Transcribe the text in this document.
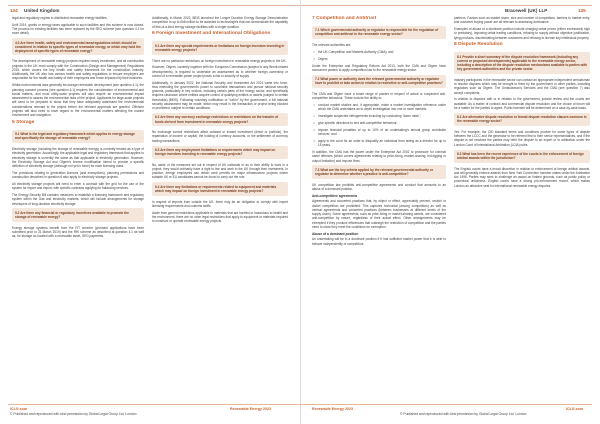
134 United Kingdom	Bracewell (UK) LLP	135

legal and regulatory regime in distributed renewable energy facilities.

Until 2019, grants or energy taxes applicable to such facilities and this scheme is now closed. The process for existing facilities has been replaced by the SEG scheme (see question 4.1 for more detail).

4.3 Are there health, safety and environmental laws/regulations which should be considered in relation to specific types of renewable energy, or which may hold the deployment of specific types of renewable energy?

The development of renewable energy projects requires heavy investment, and all construction projects in the UK must comply with the Construction (Design and Management) Regulations 2015, which covers the key health and safety framework for the construction industry. Additionally, the UK also has various health and safety regulations to ensure employers are responsible for the health and safety of their employees and those impacted by their business.

Whilst environmental laws generally encourage renewable development (see question 4.1), the planning consent process (see question 6.1) requires the consideration of environmental and social matters, and most utility-scale projects will also require an environmental impact assessment to assess the environmental risks of the project. Applicants for large-scale projects will need to be prepared to show that they have adequately addressed the environmental considerations relevant to the project before the relevant approvals are granted. Offshore projects will also need to have regard to the environmental matters affecting the marine environment and navigation.

5 Storage
5.1 What is the legal and regulatory framework which applies to energy storage and specifically the storage of renewable energy?

Electricity storage (including the storage of renewable energy) is currently treated as a type of electricity generation. Accordingly, the applicable legal and regulatory framework that applies to electricity storage is currently the same as that applicable to electricity generation. However, the Electricity Storage Act and Ofgem's licence modification intend to provide a specific definition of electricity storage (although not yet in force) for each licensing class.

The provisions relating to generation licences (and exemptions), planning permissions and construction described in question 6 also apply to electricity storage projects.

All electricity storage projects will need to enter a contract with the grid for the use of the system for import and export, with specific contracts applying for balancing services.

The Energy Security Bill contains measures to establish a licensing framework and regulatory system within the Gas and electricity markets, which will include arrangements for storage developers of long-duration electricity storage.

5.2 Are there any financial or regulatory incentives available to promote the storage of renewable energy?

Energy storage systems benefit from the FIT scheme (provided applications have been submitted prior to 31 March 2019) and the RHI scheme as described at question 4.1 as well as, for storage co-located with a renewable asset, SEG payments.

Additionally, in March 2022, BEIS launched the Longer Duration Energy Storage Demonstration competition to up to £68 million to be awarded to technologies that can demonstrate the capability of first-of-a-kind energy storage facilities with a longer duration.

6 Foreign Investment and International Obligations
6.1 Are there any special requirements or limitations on foreign investors investing in renewable energy projects?

There are no particular restrictions on foreign investment in renewable energy projects in the UK.

However, Ofgem, currently together with the European Commission (subject to any Brexit-related developments), is required to undertake an assessment as to whether foreign ownership or control of a renewable power project poses a risk to security of supply.

Additionally, in January 2022, the National Security and Investment Act 2021 came into force, thus extending the government's power to scrutinise transactions and pursue national security grounds, particularly in key sectors, including certain parts of the energy sector, and specifically requires clearance where entities acquire control of qualifying entities or assets (subject to certain thresholds) (BEIS). Following voluntary notification or "call-in" by the government, a full national security assessment may be made, which may result in the transaction or project being blocked or prohibited, subject to certain conditions.

6.2 Are there any currency exchange restrictions or restrictions on the transfer of funds derived from investment in renewable energy projects?

No exchange control restrictions affect outward or inward investment (direct or portfolio), the repatriation of income or capital, the holding of currency accounts, or the settlement of currency trading transactions.

6.3 Are there any employment limitations or requirements which may impact on foreign investors investing in renewable energy projects?

No, aside of the measures set out in respect of UK nationals or as to their ability to work in a project, they would ordinarily have a right to live and work in the UK through their investment. In practice, foreign employees can obtain work permits for major infrastructure projects where suitable UK or EU candidates cannot be found to carry out the role.

6.4 Are there any limitations or requirements related to equipment and materials which may impact on foreign investment in renewable energy projects?

In respect of imports from outside the UK, there may be an obligation to comply with import licensing requirements and customs tariffs.

Aside from general restrictions applicable to materials that are harmful or hazardous to health and the environment, there are no other legal restrictions that apply to equipment or materials required to construct or operate renewable energy projects.

7 Competition and Antitrust
7.1 Which governmental authority or regulator is responsible for the regulation of competition and antitrust in the renewable energy sector?

The relevant authorities are:

• the UK Competition and Markets Authority (CMA); and

• Ofgem.

Under the Enterprise and Regulatory Reform Act 2013, both the CMA and Ofgem have concurrent powers to apply competition law to the renewable energy sector.

7.2 What power or authority does the relevant governmental authority or regulator have to prohibit or take action in relation to restrictive or anti-competitive practices?

The CMA and Ofgem have a broad range of powers in respect of actual or suspected anti-competitive behaviour. These include the ability to:

• conduct market studies and, if appropriate, make a market investigation reference under which the CMA undertakes an in-depth investigation into one or more markets;

• investigate suspected infringements including by conducting "dawn raids";

• give specific directions to end anti-competitive behaviour;

• impose financial penalties of up to 10% of an undertaking's annual group worldwide turnover; and

• apply to the court for an order to disqualify an individual from acting as a director for up to 15 years.

In addition, the CMA has the power under the Enterprise Act 2002 to prosecute for criminal cartel offences (which covers agreements relating to price-fixing, market-sharing, bid-rigging or output limitation) and impose fines.

7.3 What are the key criteria applied by the relevant governmental authority or regulator to determine whether a practice is anti-competitive?

UK competition law prohibits anti-competitive agreements and conduct that amounts to an abuse of a dominant position.

Anti-competitive agreements

Agreements and concerted practices that, by object or effect, appreciably prevent, restrict or distort competition are prohibited. This captures horizontal (among competitors) as well as vertical agreements and concerted practices (between businesses at different levels of the supply chain). Some agreements, such as price-fixing or market-sharing cartels, are considered anti-competitive by nature, regardless of their actual effect. Other arrangements may be exempted if they produce efficiencies that outweigh the restriction of competition and the parties need to show they meet the conditions for exemption.

Abuse of a dominant position

An undertaking will be in a dominant position if it has sufficient market power that it is able to behave independently of competitors.

partners. Factors such as market share, size and number of competitors, barriers to market entry, and customer buying power are all relevant to assessing dominance.

Examples of abuse of a dominant position include charging unfair prices (either excessively high or predatory), imposing unfair trading conditions, refusing to supply without objective justification, tying products, discriminating between customers and refusing to license key intellectual property.

8 Dispute Resolution
8.1 Provide a short summary of the dispute resolution framework (including any current or proposed developments) applicable to the renewable energy sector, including a description of the dispute resolution mechanisms available to parties with key government authorities and the private sector.

Industry participants in the renewable sector can contact an appropriate independent ombudsman to resolve disputes which may be brought to them by the government or other parties, including regulators such as Ofgem. The Ombudsman's Services and the CMA (see question 7) also accept complaints.

In relation to disputes with or in relation to the government, judicial review and the courts are available. As a matter of contract and commercial dispute resolution and the choice of forum will be a matter for the parties to agree. Public licenses will be determined on a case-by-case basis.

8.2 Are alternative dispute resolution or formal dispute resolution clauses common in the renewable energy sector?

Yes. For example, the CfD standard terms and conditions provide for some types of dispute between the LCCC and the generator to be referred first to their senior representatives, and if the dispute is not resolved the parties may refer the dispute to an expert or to arbitration under the London Court of International Arbitration (LCIA) rules.

8.3 What has been the recent experience of the courts in the enforcement of foreign arbitral awards within the jurisdiction?

The English courts have a broad discretion in relation to enforcement of foreign arbitral awards, and will generally enforce awards from New York Convention member states under the Arbitration Act 1996. Parties may seek to challenge an award on limited grounds, such as public policy or procedural unfairness. English courts have a strong pro-enforcement record, which makes London an attractive seat for international renewable energy disputes.

ICLG.com	Renewable Energy 2023
© Published and reproduced with kind permission by Global Legal Group Ltd, London
Renewable Energy 2023	ICLG.com
© Published and reproduced with kind permission by Global Legal Group Ltd, London
